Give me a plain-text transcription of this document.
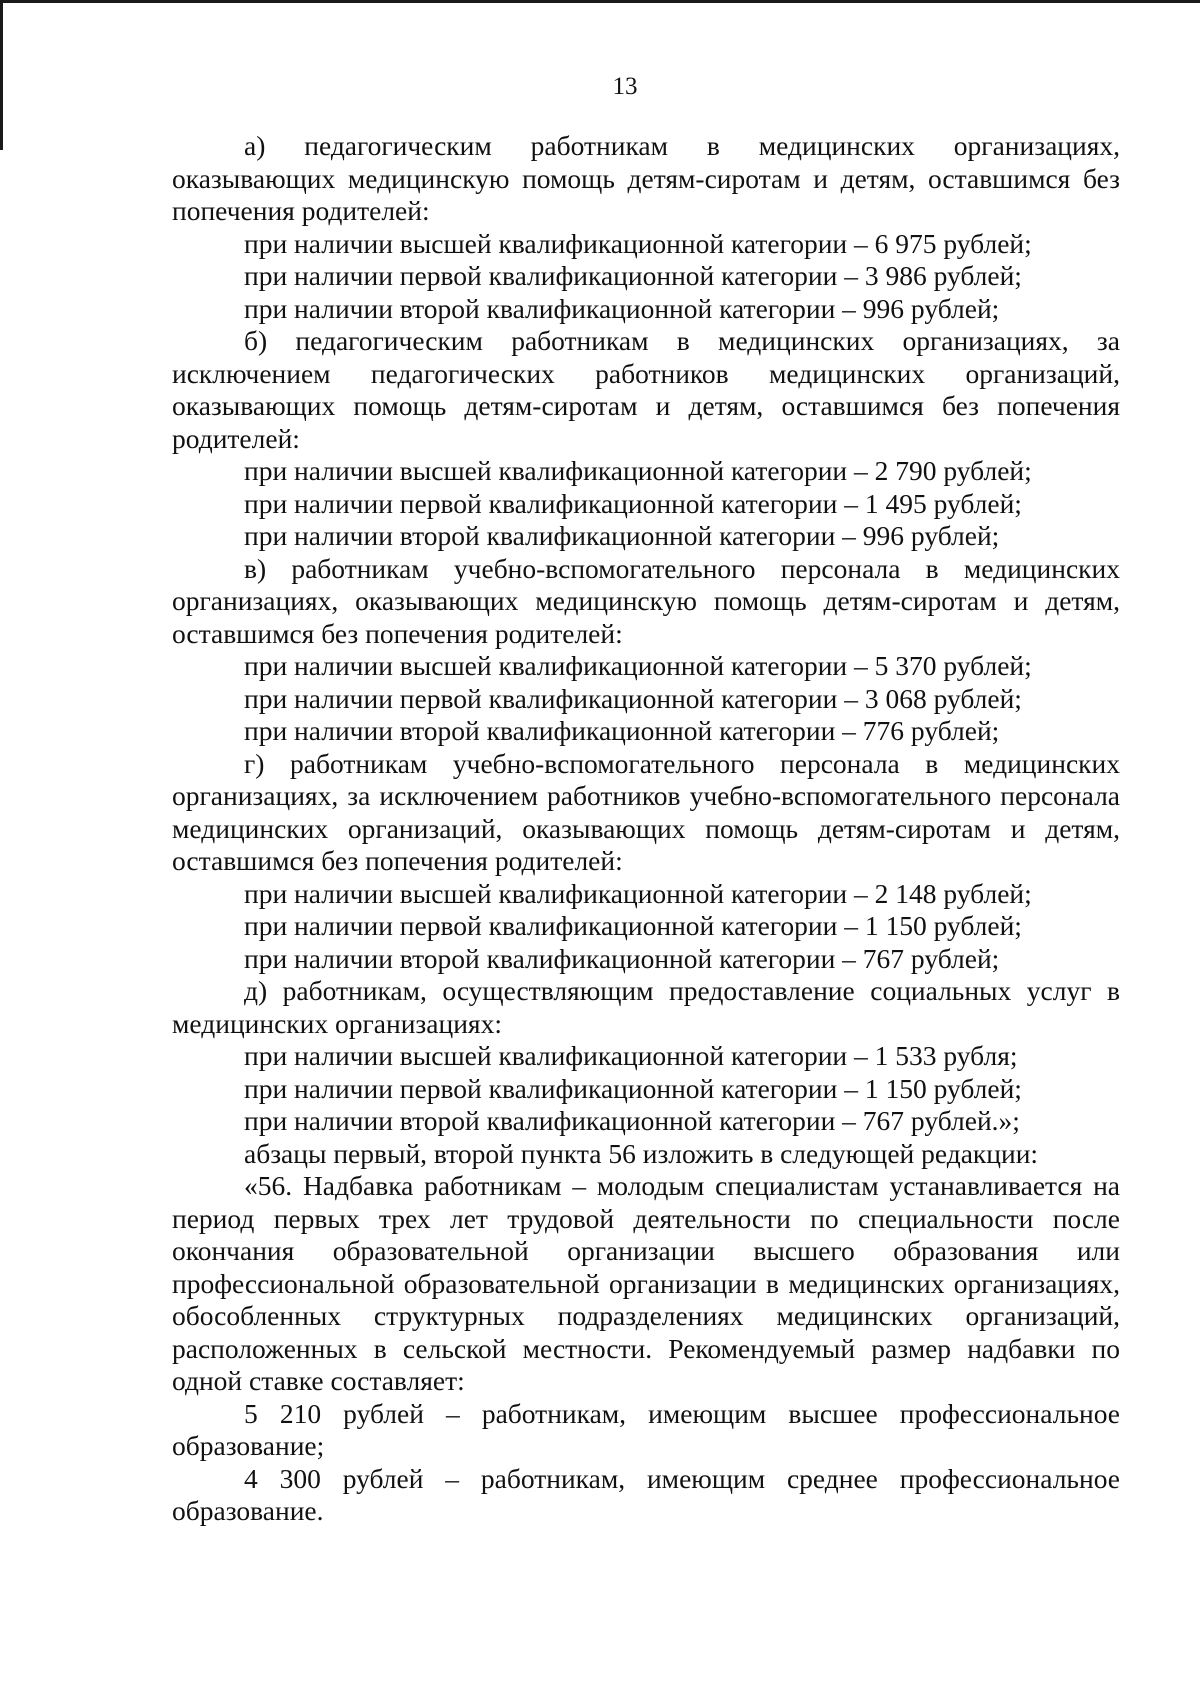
13

а) педагогическим работникам в медицинских организациях, оказывающих медицинскую помощь детям-сиротам и детям, оставшимся без попечения родителей:

при наличии высшей квалификационной категории – 6 975 рублей;

при наличии первой квалификационной категории – 3 986 рублей;

при наличии второй квалификационной категории – 996 рублей;

б) педагогическим работникам в медицинских организациях, за исключением педагогических работников медицинских организаций, оказывающих помощь детям-сиротам и детям, оставшимся без попечения родителей:

при наличии высшей квалификационной категории – 2 790 рублей;

при наличии первой квалификационной категории – 1 495 рублей;

при наличии второй квалификационной категории – 996 рублей;

в) работникам учебно-вспомогательного персонала в медицинских организациях, оказывающих медицинскую помощь детям-сиротам и детям, оставшимся без попечения родителей:

при наличии высшей квалификационной категории – 5 370 рублей;

при наличии первой квалификационной категории – 3 068 рублей;

при наличии второй квалификационной категории – 776 рублей;

г) работникам учебно-вспомогательного персонала в медицинских организациях, за исключением работников учебно-вспомогательного персонала медицинских организаций, оказывающих помощь детям-сиротам и детям, оставшимся без попечения родителей:

при наличии высшей квалификационной категории – 2 148 рублей;

при наличии первой квалификационной категории – 1 150 рублей;

при наличии второй квалификационной категории – 767 рублей;

д) работникам, осуществляющим предоставление социальных услуг в медицинских организациях:

при наличии высшей квалификационной категории – 1 533 рубля;

при наличии первой квалификационной категории – 1 150 рублей;

при наличии второй квалификационной категории – 767 рублей.»;

абзацы первый, второй пункта 56 изложить в следующей редакции:

«56. Надбавка работникам – молодым специалистам устанавливается на период первых трех лет трудовой деятельности по специальности после окончания образовательной организации высшего образования или профессиональной образовательной организации в медицинских организациях, обособленных структурных подразделениях медицинских организаций, расположенных в сельской местности. Рекомендуемый размер надбавки по одной ставке составляет:

5 210 рублей – работникам, имеющим высшее профессиональное образование;

4 300 рублей – работникам, имеющим среднее профессиональное образование.
